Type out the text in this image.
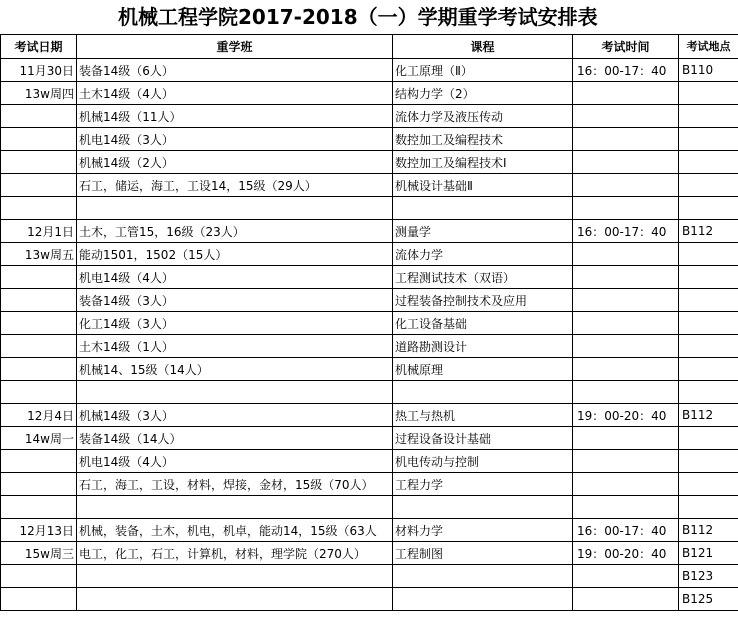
机械工程学院2017-2018（一）学期重学考试安排表
考试日期	重学班	课程	考试时间	考试地点
11月30日	装备14级（6人）	化工原理（Ⅱ）	16：00-17：40	B110
13w周四	土木14级（4人）	结构力学（2）		
	机械14级（11人）	流体力学及液压传动		
	机电14级（3人）	数控加工及编程技术		
	机械14级（2人）	数控加工及编程技术Ⅰ		
	石工，储运，海工，工设14，15级（29人）	机械设计基础Ⅱ		

12月1日	土木，工管15，16级（23人）	测量学	16：00-17：40	B112
13w周五	能动1501，1502（15人）	流体力学		
	机电14级（4人）	工程测试技术（双语）		
	装备14级（3人）	过程装备控制技术及应用		
	化工14级（3人）	化工设备基础		
	土木14级（1人）	道路勘测设计		
	机械14、15级（14人）	机械原理		

12月4日	机械14级（3人）	热工与热机	19：00-20：40	B112
14w周一	装备14级（14人）	过程设备设计基础		
	机电14级（4人）	机电传动与控制		
	石工，海工，工设，材料，焊接，金材，15级（70人）	工程力学		

12月13日	机械，装备，土木，机电，机卓，能动14，15级（63人	材料力学	16：00-17：40	B112
15w周三	电工，化工，石工，计算机，材料，理学院（270人）	工程制图	19：00-20：40	B121
				B123
				B125
